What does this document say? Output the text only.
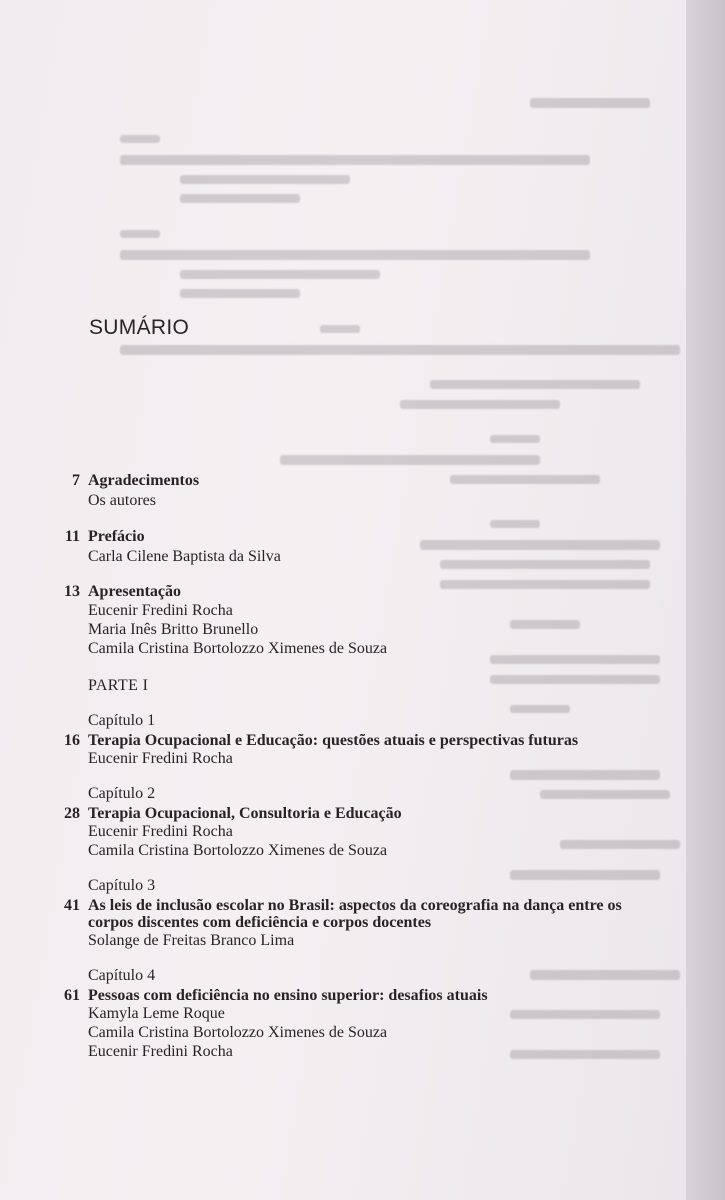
SUMÁRIO
7 Agradecimentos
Os autores
11 Prefácio
Carla Cilene Baptista da Silva
13 Apresentação
Eucenir Fredini Rocha
Maria Inês Britto Brunello
Camila Cristina Bortolozzo Ximenes de Souza
PARTE I
Capítulo 1
16 Terapia Ocupacional e Educação: questões atuais e perspectivas futuras
Eucenir Fredini Rocha
Capítulo 2
28 Terapia Ocupacional, Consultoria e Educação
Eucenir Fredini Rocha
Camila Cristina Bortolozzo Ximenes de Souza
Capítulo 3
41 As leis de inclusão escolar no Brasil: aspectos da coreografia na dança entre os corpos discentes com deficiência e corpos docentes
Solange de Freitas Branco Lima
Capítulo 4
61 Pessoas com deficiência no ensino superior: desafios atuais
Kamyla Leme Roque
Camila Cristina Bortolozzo Ximenes de Souza
Eucenir Fredini Rocha
